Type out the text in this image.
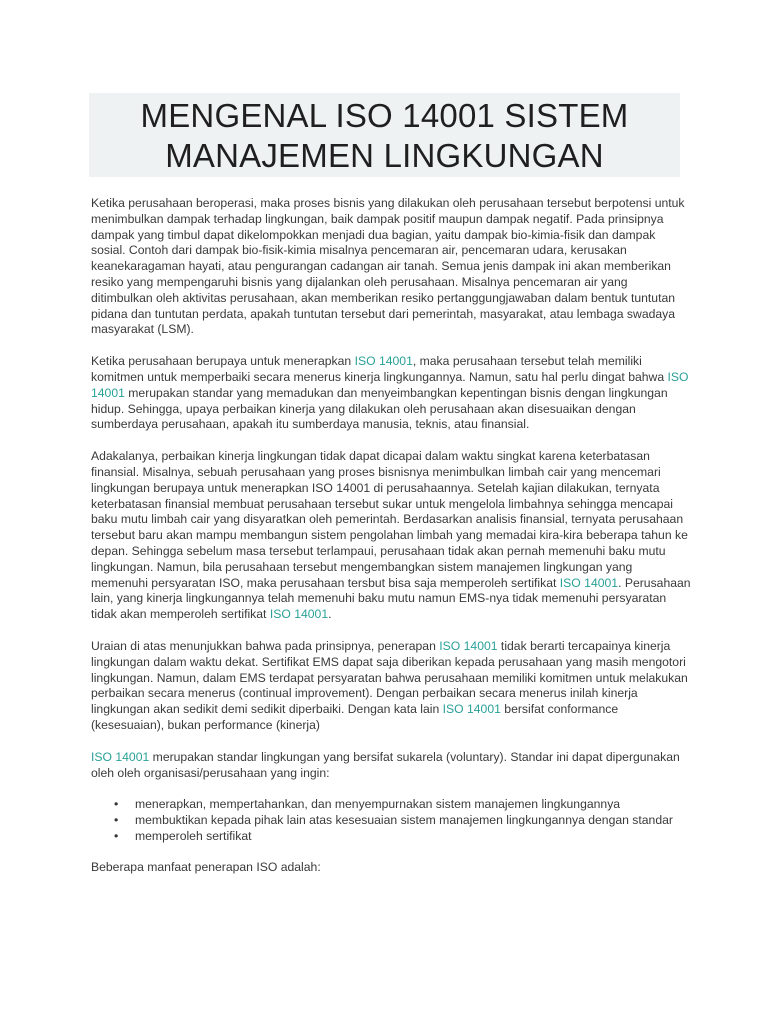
MENGENAL ISO 14001 SISTEM
MANAJEMEN LINGKUNGAN

Ketika perusahaan beroperasi, maka proses bisnis yang dilakukan oleh perusahaan tersebut berpotensi untuk menimbulkan dampak terhadap lingkungan, baik dampak positif maupun dampak negatif. Pada prinsipnya dampak yang timbul dapat dikelompokkan menjadi dua bagian, yaitu dampak bio-kimia-fisik dan dampak sosial. Contoh dari dampak bio-fisik-kimia misalnya pencemaran air, pencemaran udara, kerusakan keanekaragaman hayati, atau pengurangan cadangan air tanah. Semua jenis dampak ini akan memberikan resiko yang mempengaruhi bisnis yang dijalankan oleh perusahaan. Misalnya pencemaran air yang ditimbulkan oleh aktivitas perusahaan, akan memberikan resiko pertanggungjawaban dalam bentuk tuntutan pidana dan tuntutan perdata, apakah tuntutan tersebut dari pemerintah, masyarakat, atau lembaga swadaya masyarakat (LSM).

Ketika perusahaan berupaya untuk menerapkan ISO 14001, maka perusahaan tersebut telah memiliki komitmen untuk memperbaiki secara menerus kinerja lingkungannya. Namun, satu hal perlu dingat bahwa ISO 14001 merupakan standar yang memadukan dan menyeimbangkan kepentingan bisnis dengan lingkungan hidup. Sehingga, upaya perbaikan kinerja yang dilakukan oleh perusahaan akan disesuaikan dengan sumberdaya perusahaan, apakah itu sumberdaya manusia, teknis, atau finansial.

Adakalanya, perbaikan kinerja lingkungan tidak dapat dicapai dalam waktu singkat karena keterbatasan finansial. Misalnya, sebuah perusahaan yang proses bisnisnya menimbulkan limbah cair yang mencemari lingkungan berupaya untuk menerapkan ISO 14001 di perusahaannya. Setelah kajian dilakukan, ternyata keterbatasan finansial membuat perusahaan tersebut sukar untuk mengelola limbahnya sehingga mencapai baku mutu limbah cair yang disyaratkan oleh pemerintah. Berdasarkan analisis finansial, ternyata perusahaan tersebut baru akan mampu membangun sistem pengolahan limbah yang memadai kira-kira beberapa tahun ke depan. Sehingga sebelum masa tersebut terlampaui, perusahaan tidak akan pernah memenuhi baku mutu lingkungan. Namun, bila perusahaan tersebut mengembangkan sistem manajemen lingkungan yang memenuhi persyaratan ISO, maka perusahaan tersbut bisa saja memperoleh sertifikat ISO 14001. Perusahaan lain, yang kinerja lingkungannya telah memenuhi baku mutu namun EMS-nya tidak memenuhi persyaratan tidak akan memperoleh sertifikat ISO 14001.

Uraian di atas menunjukkan bahwa pada prinsipnya, penerapan ISO 14001 tidak berarti tercapainya kinerja lingkungan dalam waktu dekat. Sertifikat EMS dapat saja diberikan kepada perusahaan yang masih mengotori lingkungan. Namun, dalam EMS terdapat persyaratan bahwa perusahaan memiliki komitmen untuk melakukan perbaikan secara menerus (continual improvement). Dengan perbaikan secara menerus inilah kinerja lingkungan akan sedikit demi sedikit diperbaiki. Dengan kata lain ISO 14001 bersifat conformance (kesesuaian), bukan performance (kinerja)

ISO 14001 merupakan standar lingkungan yang bersifat sukarela (voluntary). Standar ini dapat dipergunakan oleh oleh organisasi/perusahaan yang ingin:

• menerapkan, mempertahankan, dan menyempurnakan sistem manajemen lingkungannya
• membuktikan kepada pihak lain atas kesesuaian sistem manajemen lingkungannya dengan standar
• memperoleh sertifikat

Beberapa manfaat penerapan ISO adalah:
